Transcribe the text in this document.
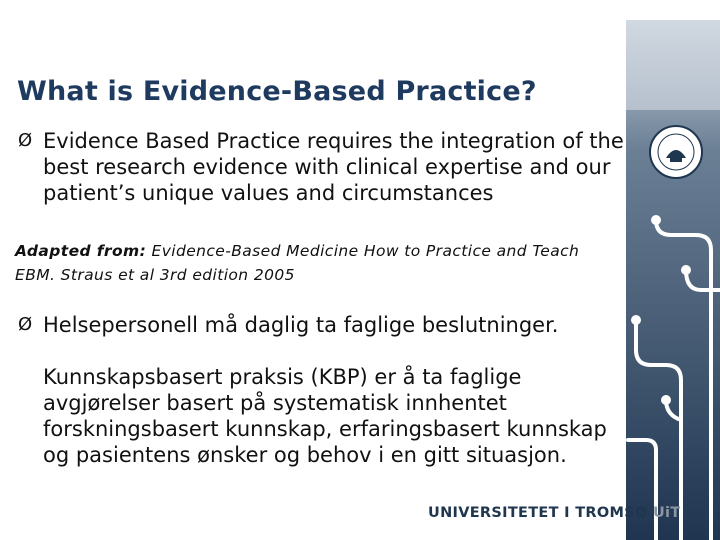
What is Evidence-Based Practice?
Ø Evidence Based Practice requires the integration of the best research evidence with clinical expertise and our patient’s unique values and circumstances
Adapted from: Evidence-Based Medicine How to Practice and Teach EBM. Straus et al 3rd edition 2005
Ø Helsepersonell må daglig ta faglige beslutninger.
Kunnskapsbasert praksis (KBP) er å ta faglige avgjørelser basert på systematisk innhentet forskningsbasert kunnskap, erfaringsbasert kunnskap og pasientens ønsker og behov i en gitt situasjon.
UNIVERSITETET I TROMSØ UiT
